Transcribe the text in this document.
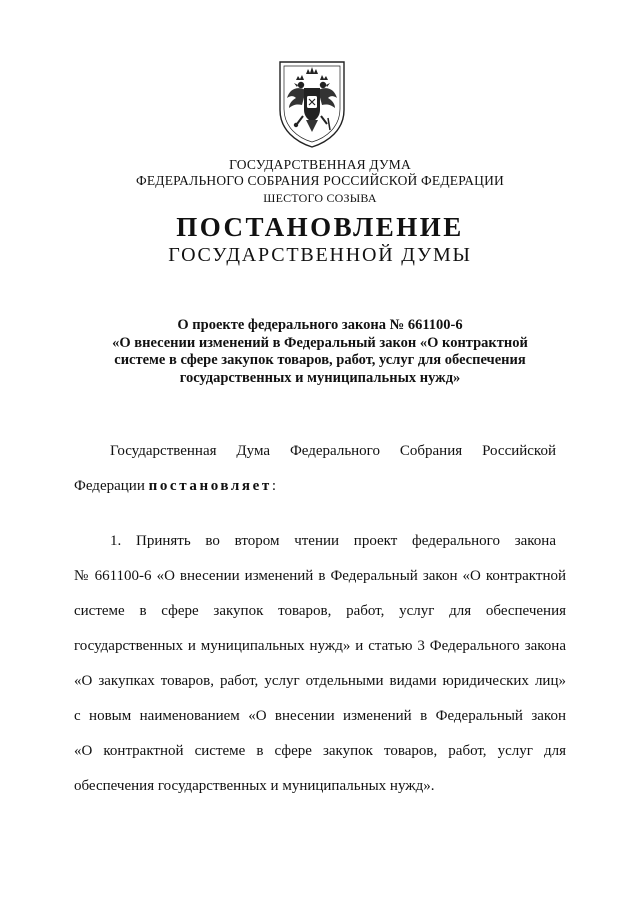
ГОСУДАРСТВЕННАЯ ДУМА
ФЕДЕРАЛЬНОГО СОБРАНИЯ РОССИЙСКОЙ ФЕДЕРАЦИИ
ШЕСТОГО СОЗЫВА
ПОСТАНОВЛЕНИЕ
ГОСУДАРСТВЕННОЙ ДУМЫ
О проекте федерального закона № 661100-6
«О внесении изменений в Федеральный закон «О контрактной
системе в сфере закупок товаров, работ, услуг для обеспечения
государственных и муниципальных нужд»
Государственная Дума Федерального Собрания Российской
Федерации постановляет:
1. Принять во втором чтении проект федерального закона
№ 661100-6 «О внесении изменений в Федеральный закон «О контрактной
системе в сфере закупок товаров, работ, услуг для обеспечения
государственных и муниципальных нужд» и статью 3 Федерального закона
«О закупках товаров, работ, услуг отдельными видами юридических лиц»
с новым наименованием «О внесении изменений в Федеральный закон
«О контрактной системе в сфере закупок товаров, работ, услуг для
обеспечения государственных и муниципальных нужд».
